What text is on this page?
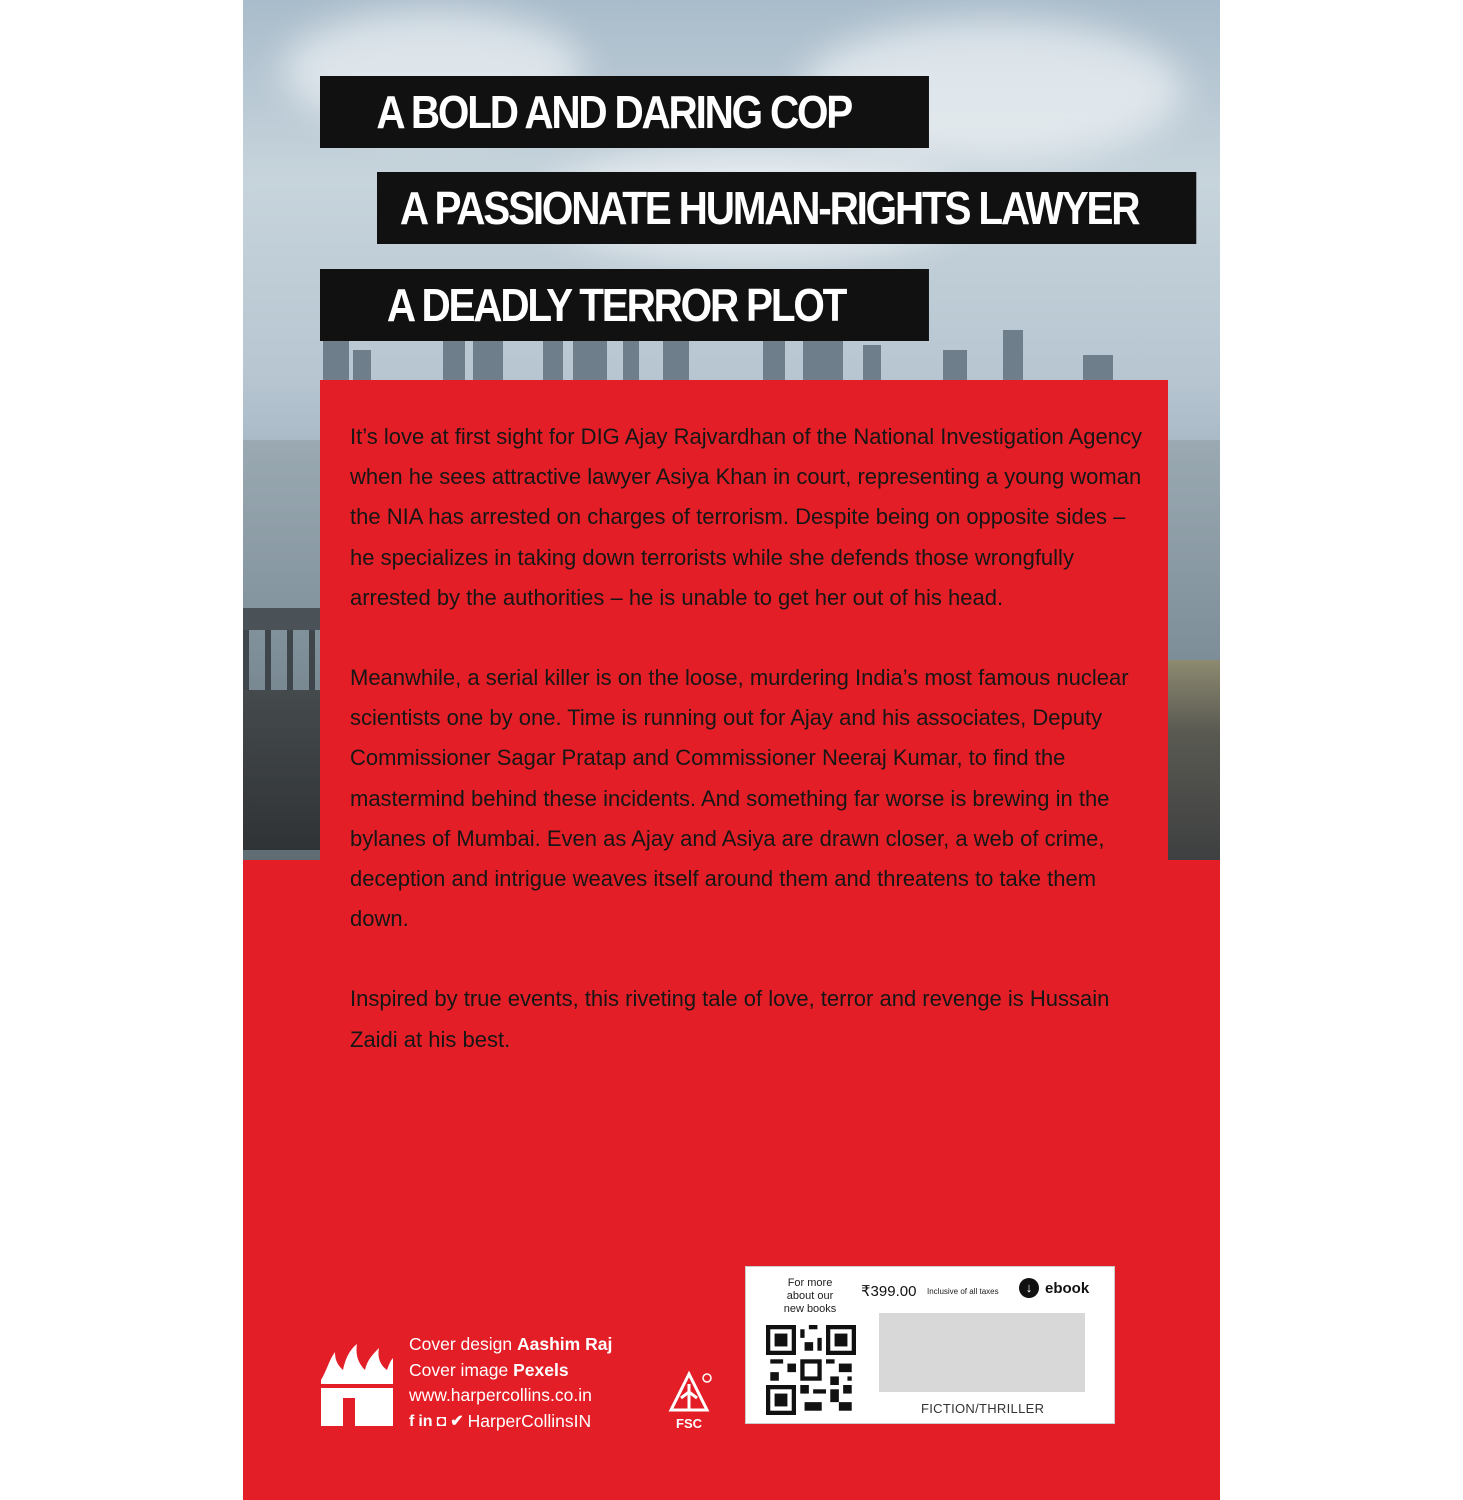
A BOLD AND DARING COP
A PASSIONATE HUMAN-RIGHTS LAWYER
A DEADLY TERROR PLOT

It’s love at first sight for DIG Ajay Rajvardhan of the National Investigation Agency when he sees attractive lawyer Asiya Khan in court, representing a young woman the NIA has arrested on charges of terrorism. Despite being on opposite sides – he specializes in taking down terrorists while she defends those wrongfully arrested by the authorities – he is unable to get her out of his head.

Meanwhile, a serial killer is on the loose, murdering India’s most famous nuclear scientists one by one. Time is running out for Ajay and his associates, Deputy Commissioner Sagar Pratap and Commissioner Neeraj Kumar, to find the mastermind behind these incidents. And something far worse is brewing in the bylanes of Mumbai. Even as Ajay and Asiya are drawn closer, a web of crime, deception and intrigue weaves itself around them and threatens to take them down.

Inspired by true events, this riveting tale of love, terror and revenge is Hussain Zaidi at his best.

Cover design Aashim Raj
Cover image Pexels
www.harpercollins.co.in
f in ◘ ✔ HarperCollinsIN	FSC
For more about our new books
₹399.00 Inclusive of all taxes	↓ ebook
FICTION/THRILLER
